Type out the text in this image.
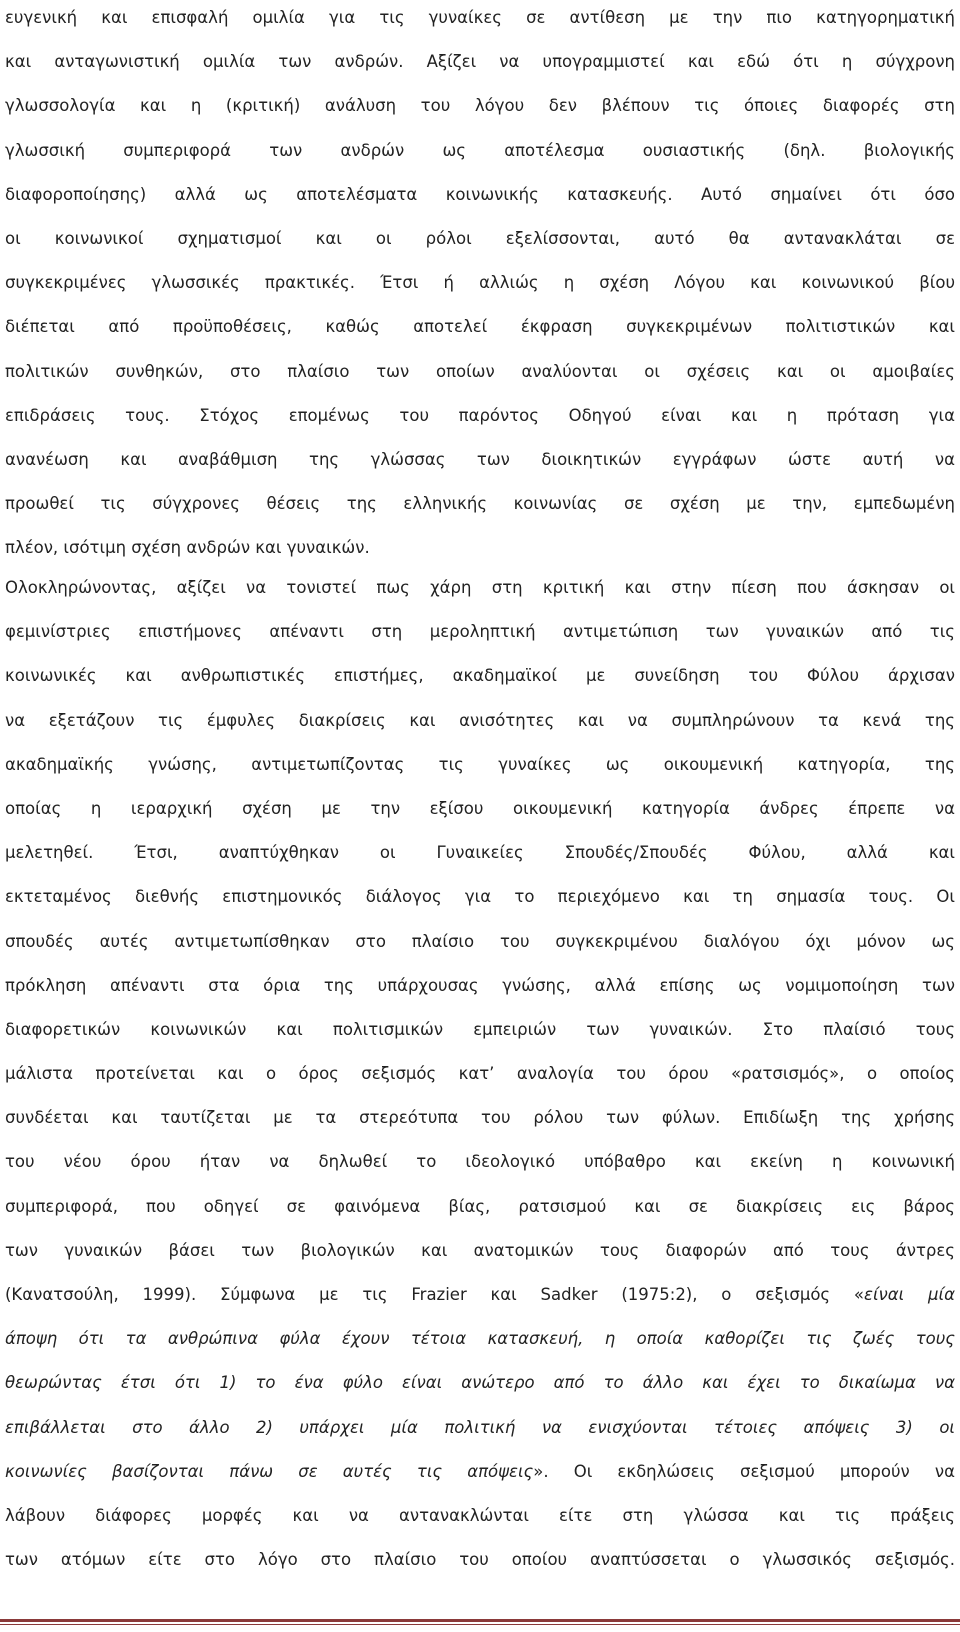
ευγενική και επισφαλή ομιλία για τις γυναίκες σε αντίθεση με την πιο κατηγορηματική
και ανταγωνιστική ομιλία των ανδρών. Αξίζει να υπογραμμιστεί και εδώ ότι η σύγχρονη
γλωσσολογία και η (κριτική) ανάλυση του λόγου δεν βλέπουν τις όποιες διαφορές στη
γλωσσική συμπεριφορά των ανδρών ως αποτέλεσμα ουσιαστικής (δηλ. βιολογικής
διαφοροποίησης) αλλά ως αποτελέσματα κοινωνικής κατασκευής. Αυτό σημαίνει ότι όσο
οι κοινωνικοί σχηματισμοί και οι ρόλοι εξελίσσονται, αυτό θα αντανακλάται σε
συγκεκριμένες γλωσσικές πρακτικές. Έτσι ή αλλιώς η σχέση Λόγου και κοινωνικού βίου
διέπεται από προϋποθέσεις, καθώς αποτελεί έκφραση συγκεκριμένων πολιτιστικών και
πολιτικών συνθηκών, στο πλαίσιο των οποίων αναλύονται οι σχέσεις και οι αμοιβαίες
επιδράσεις τους. Στόχος επομένως του παρόντος Οδηγού είναι και η πρόταση για
ανανέωση και αναβάθμιση της γλώσσας των διοικητικών εγγράφων ώστε αυτή να
προωθεί τις σύγχρονες θέσεις της ελληνικής κοινωνίας σε σχέση με την, εμπεδωμένη
πλέον, ισότιμη σχέση ανδρών και γυναικών.
Ολοκληρώνοντας, αξίζει να τονιστεί πως χάρη στη κριτική και στην πίεση που άσκησαν οι
φεμινίστριες επιστήμονες απέναντι στη μεροληπτική αντιμετώπιση των γυναικών από τις
κοινωνικές και ανθρωπιστικές επιστήμες, ακαδημαϊκοί με συνείδηση του Φύλου άρχισαν
να εξετάζουν τις έμφυλες διακρίσεις και ανισότητες και να συμπληρώνουν τα κενά της
ακαδημαϊκής γνώσης, αντιμετωπίζοντας τις γυναίκες ως οικουμενική κατηγορία, της
οποίας η ιεραρχική σχέση με την εξίσου οικουμενική κατηγορία άνδρες έπρεπε να
μελετηθεί. Έτσι, αναπτύχθηκαν οι Γυναικείες Σπουδές/Σπουδές Φύλου, αλλά και
εκτεταμένος διεθνής επιστημονικός διάλογος για το περιεχόμενο και τη σημασία τους. Οι
σπουδές αυτές αντιμετωπίσθηκαν στο πλαίσιο του συγκεκριμένου διαλόγου όχι μόνον ως
πρόκληση απέναντι στα όρια της υπάρχουσας γνώσης, αλλά επίσης ως νομιμοποίηση των
διαφορετικών κοινωνικών και πολιτισμικών εμπειριών των γυναικών. Στο πλαίσιό τους
μάλιστα προτείνεται και ο όρος σεξισμός κατ’ αναλογία του όρου «ρατσισμός», ο οποίος
συνδέεται και ταυτίζεται με τα στερεότυπα του ρόλου των φύλων. Επιδίωξη της χρήσης
του νέου όρου ήταν να δηλωθεί το ιδεολογικό υπόβαθρο και εκείνη η κοινωνική
συμπεριφορά, που οδηγεί σε φαινόμενα βίας, ρατσισμού και σε διακρίσεις εις βάρος
των γυναικών βάσει των βιολογικών και ανατομικών τους διαφορών από τους άντρες
(Κανατσούλη, 1999). Σύμφωνα με τις Frazier και Sadker (1975:2), ο σεξισμός «είναι μία
άποψη ότι τα ανθρώπινα φύλα έχουν τέτοια κατασκευή, η οποία καθορίζει τις ζωές τους
θεωρώντας έτσι ότι 1) το ένα φύλο είναι ανώτερο από το άλλο και έχει το δικαίωμα να
επιβάλλεται στο άλλο 2) υπάρχει μία πολιτική να ενισχύονται τέτοιες απόψεις 3) οι
κοινωνίες βασίζονται πάνω σε αυτές τις απόψεις». Οι εκδηλώσεις σεξισμού μπορούν να
λάβουν διάφορες μορφές και να αντανακλώνται είτε στη γλώσσα και τις πράξεις
των ατόμων είτε στο λόγο στο πλαίσιο του οποίου αναπτύσσεται ο γλωσσικός σεξισμός.
